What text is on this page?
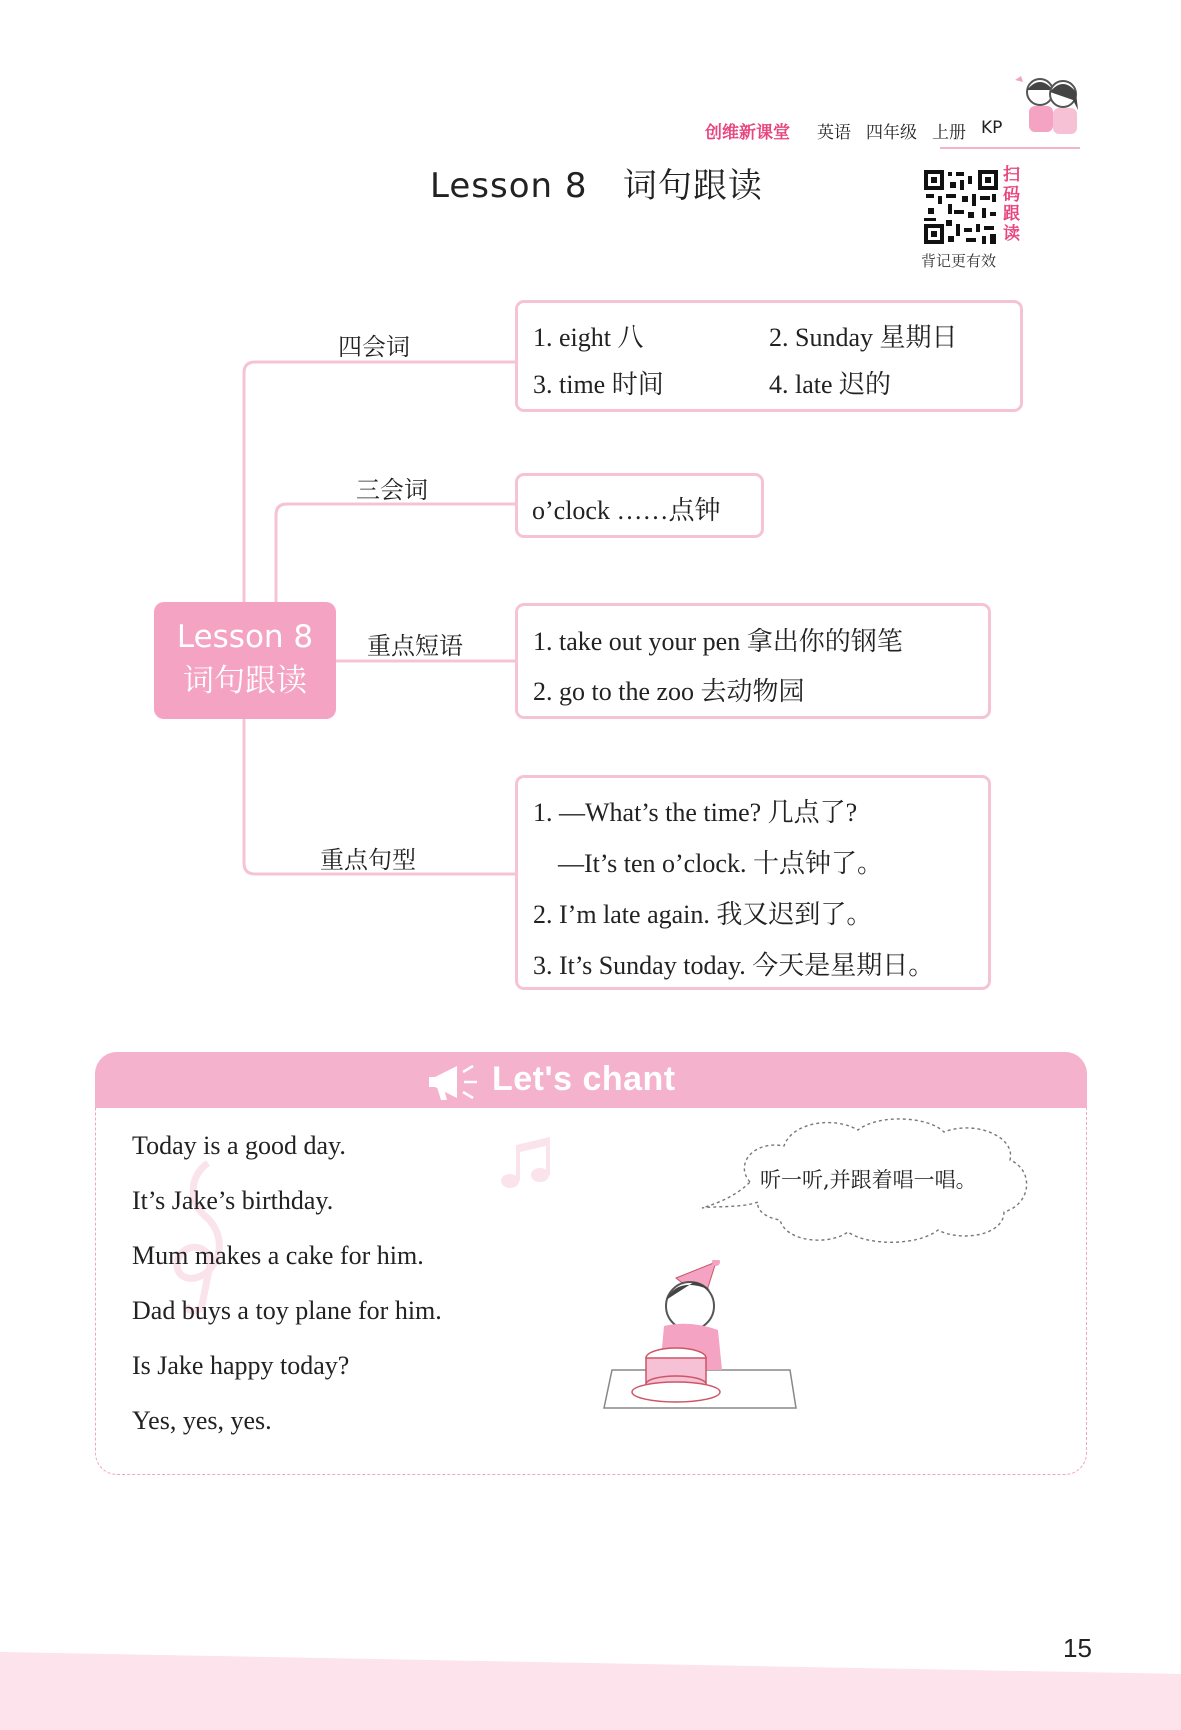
创维新课堂 英语 四年级 上册 KP
Lesson 8   词句跟读	扫
码
跟
读
背记更有效
Lesson 8
词句跟读
四会词	1. eight 八	2. Sunday 星期日
3. time 时间	4. late 迟的
三会词
o’clock ……点钟
重点短语	1. take out your pen 拿出你的钢笔
2. go to the zoo 去动物园
重点句型
1. —What’s the time? 几点了?
—It’s ten o’clock. 十点钟了。
2. I’m late again. 我又迟到了。
3. It’s Sunday today. 今天是星期日。
Let's chant
Today is a good day.
It’s Jake’s birthday.
Mum makes a cake for him.
Dad buys a toy plane for him.
Is Jake happy today?
Yes, yes, yes.
听一听,并跟着唱一唱。
15
